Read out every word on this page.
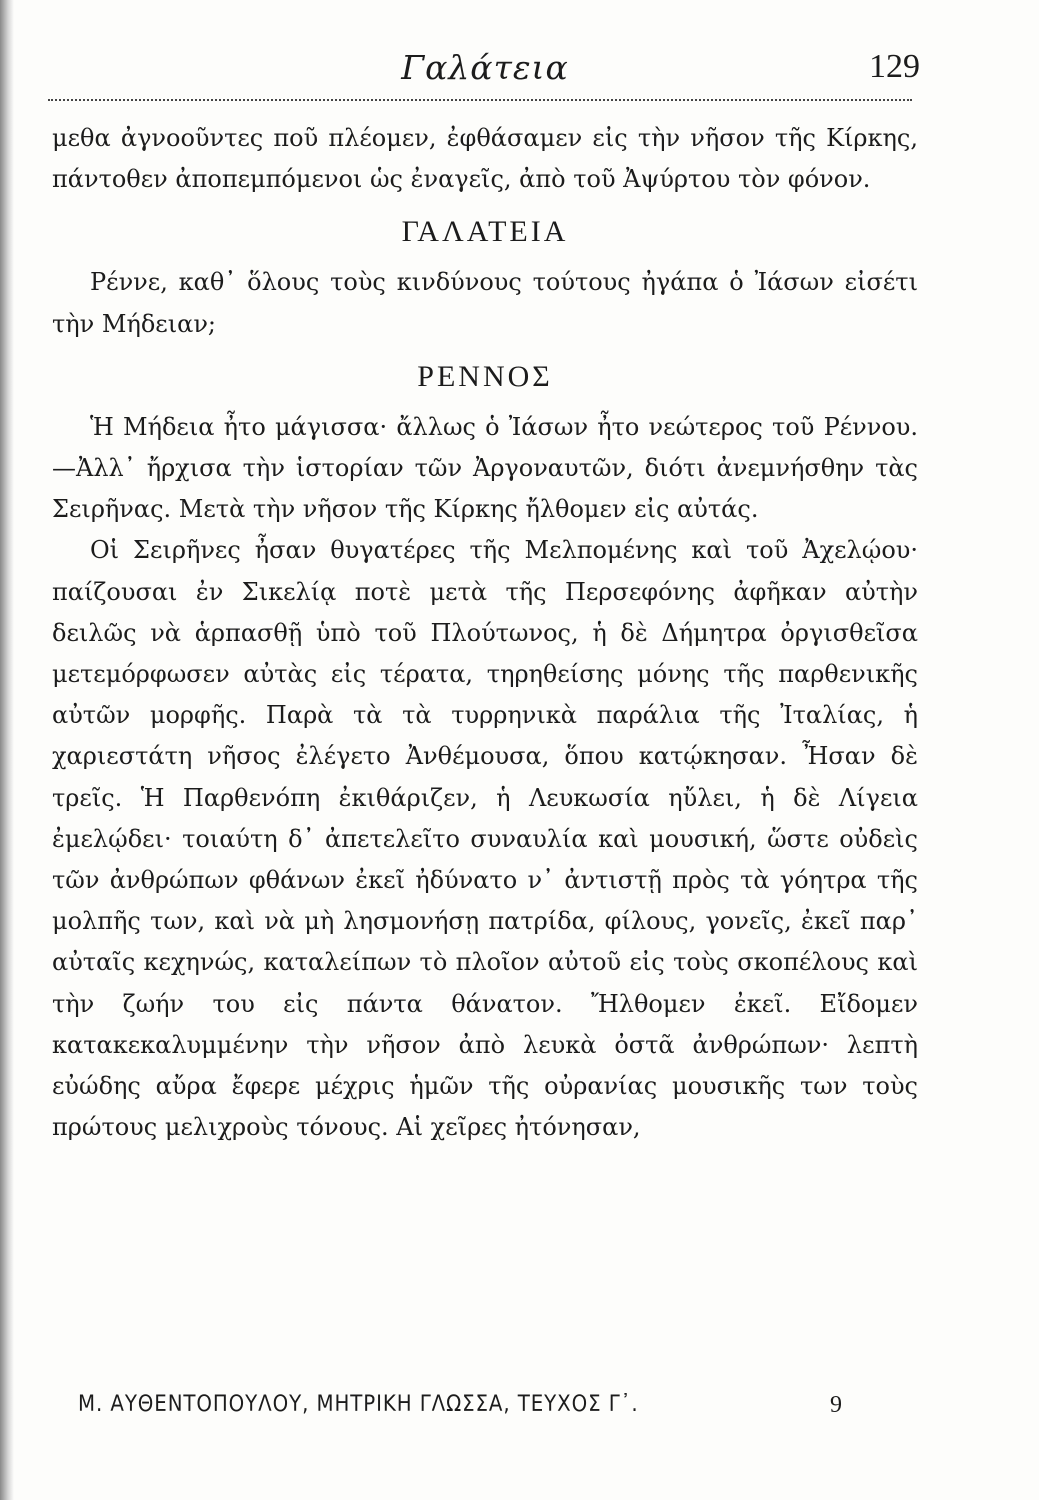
Γαλάτεια	129

μεθα ἀγνοοῦντες ποῦ πλέομεν, ἐφθάσαμεν εἰς τὴν νῆσον τῆς Κίρκης, πάντοθεν ἀποπεμπόμενοι ὡς ἐναγεῖς, ἀπὸ τοῦ Ἀψύρτου τὸν φόνον.

ΓΑΛΑΤΕΙΑ

Ρέννε, καθ᾿ ὅλους τοὺς κινδύνους τούτους ἠγάπα ὁ Ἰάσων εἰσέτι τὴν Μήδειαν;

ΡΕΝΝΟΣ

Ἡ Μήδεια ἦτο μάγισσα· ἄλλως ὁ Ἰάσων ἦτο νεώτερος τοῦ Ρέννου.—Ἀλλ᾿ ἤρχισα τὴν ἱστορίαν τῶν Ἀργοναυτῶν, διότι ἀνεμνήσθην τὰς Σειρῆνας. Μετὰ τὴν νῆσον τῆς Κίρκης ἤλθομεν εἰς αὐτάς.

Οἱ Σειρῆνες ἦσαν θυγατέρες τῆς Μελπομένης καὶ τοῦ Ἀχελῴου· παίζουσαι ἐν Σικελίᾳ ποτὲ μετὰ τῆς Περσεφόνης ἀφῆκαν αὐτὴν δειλῶς νὰ ἁρπασθῇ ὑπὸ τοῦ Πλούτωνος, ἡ δὲ Δήμητρα ὀργισθεῖσα μετεμόρφωσεν αὐτὰς εἰς τέρατα, τηρηθείσης μόνης τῆς παρθενικῆς αὐτῶν μορφῆς. Παρὰ τὰ τὰ τυρρηνικὰ παράλια τῆς Ἰταλίας, ἡ χαριεστάτη νῆσος ἐλέγετο Ἀνθέμουσα, ὅπου κατῴκησαν. Ἦσαν δὲ τρεῖς. Ἡ Παρθενόπη ἐκιθάριζεν, ἡ Λευκωσία ηὔλει, ἡ δὲ Λίγεια ἐμελῴδει· τοιαύτη δ᾿ ἀπετελεῖτο συναυλία καὶ μουσική, ὥστε οὐδεὶς τῶν ἀνθρώπων φθάνων ἐκεῖ ἠδύνατο ν᾿ ἀντιστῇ πρὸς τὰ γόητρα τῆς μολπῆς των, καὶ νὰ μὴ λησμονήσῃ πατρίδα, φίλους, γονεῖς, ἐκεῖ παρ᾿ αὐταῖς κεχηνώς, καταλείπων τὸ πλοῖον αὐτοῦ εἰς τοὺς σκοπέλους καὶ τὴν ζωήν του εἰς πάντα θάνατον. Ἤλθομεν ἐκεῖ. Εἴδομεν κατακεκαλυμμένην τὴν νῆσον ἀπὸ λευκὰ ὀστᾶ ἀνθρώπων· λεπτὴ εὐώδης αὔρα ἔφερε μέχρις ἡμῶν τῆς οὐρανίας μουσικῆς των τοὺς πρώτους μελιχροὺς τόνους. Αἱ χεῖρες ἠτόνησαν,

Μ. ΑΥΘΕΝΤΟΠΟΥΛΟΥ, ΜΗΤΡΙΚΗ ΓΛΩΣΣΑ, ΤΕΥΧΟΣ Γ᾿.	9
